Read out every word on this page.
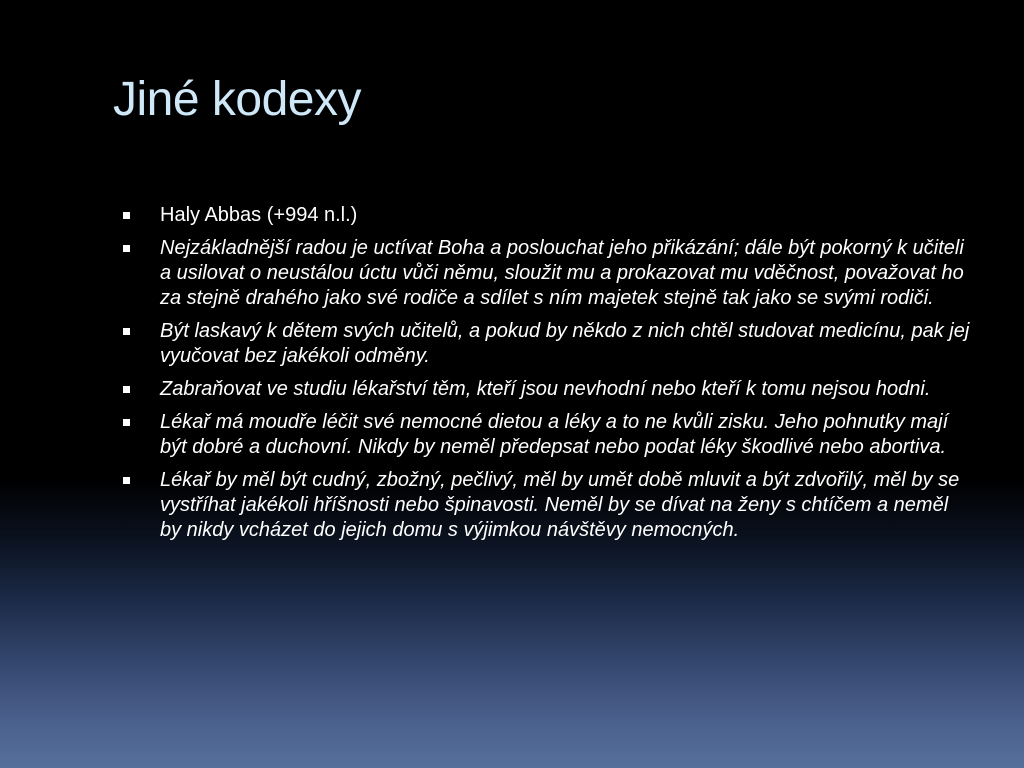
Jiné kodexy
Haly Abbas (+994 n.l.)
Nejzákladnější radou je uctívat Boha a poslouchat jeho přikázání; dále být pokorný k učiteli a usilovat o neustálou úctu vůči němu, sloužit mu a prokazovat mu vděčnost, považovat ho za stejně drahého jako své rodiče a sdílet s ním majetek stejně tak jako se svými rodiči.
Být laskavý k dětem svých učitelů, a pokud by někdo z nich chtěl studovat medicínu, pak jej vyučovat bez jakékoli odměny.
Zabraňovat ve studiu lékařství těm, kteří jsou nevhodní nebo kteří k tomu nejsou hodni.
Lékař má moudře léčit své nemocné dietou a léky a to ne kvůli zisku. Jeho pohnutky mají být dobré a duchovní. Nikdy by neměl předepsat nebo podat léky škodlivé nebo abortiva.
Lékař by měl být cudný, zbožný, pečlivý, měl by umět době mluvit a být zdvořilý, měl by se vystříhat jakékoli hříšnosti nebo špinavosti. Neměl by se dívat na ženy s chtíčem a neměl by nikdy vcházet do jejich domu s výjimkou návštěvy nemocných.
